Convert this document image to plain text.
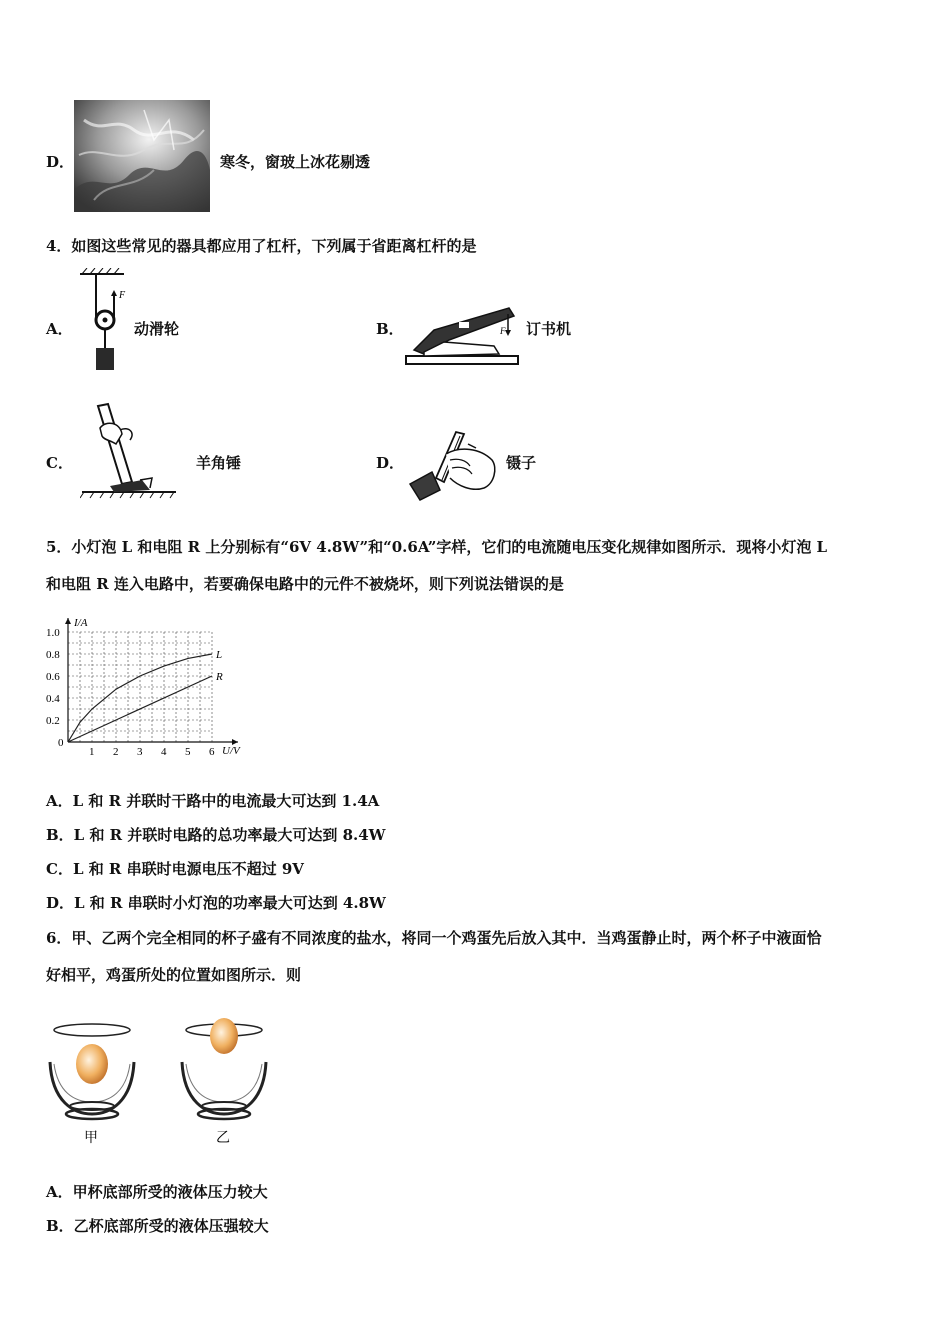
D．	寒冬，窗玻上冰花剔透
4．如图这些常见的器具都应用了杠杆，下列属于省距离杠杆的是
A．
F
动滑轮	B．	F 订书机
C．	羊角锤	D．	镊子
5．小灯泡 L 和电阻 R 上分别标有“6V 4.8W”和“0.6A”字样，它们的电流随电压变化规律如图所示．现将小灯泡 L
和电阻 R 连入电路中，若要确保电路中的元件不被烧坏，则下列说法错误的是
I/A
U/V
0
1 2 3 4 5 6
0.2
0.4
0.6
0.8
1.0
L
R
A．L 和 R 并联时干路中的电流最大可达到 1.4A
B．L 和 R 并联时电路的总功率最大可达到 8.4W
C．L 和 R 串联时电源电压不超过 9V
D．L 和 R 串联时小灯泡的功率最大可达到 4.8W
6．甲、乙两个完全相同的杯子盛有不同浓度的盐水，将同一个鸡蛋先后放入其中．当鸡蛋静止时，两个杯子中液面恰
好相平，鸡蛋所处的位置如图所示．则
甲	乙
A．甲杯底部所受的液体压力较大
B．乙杯底部所受的液体压强较大
